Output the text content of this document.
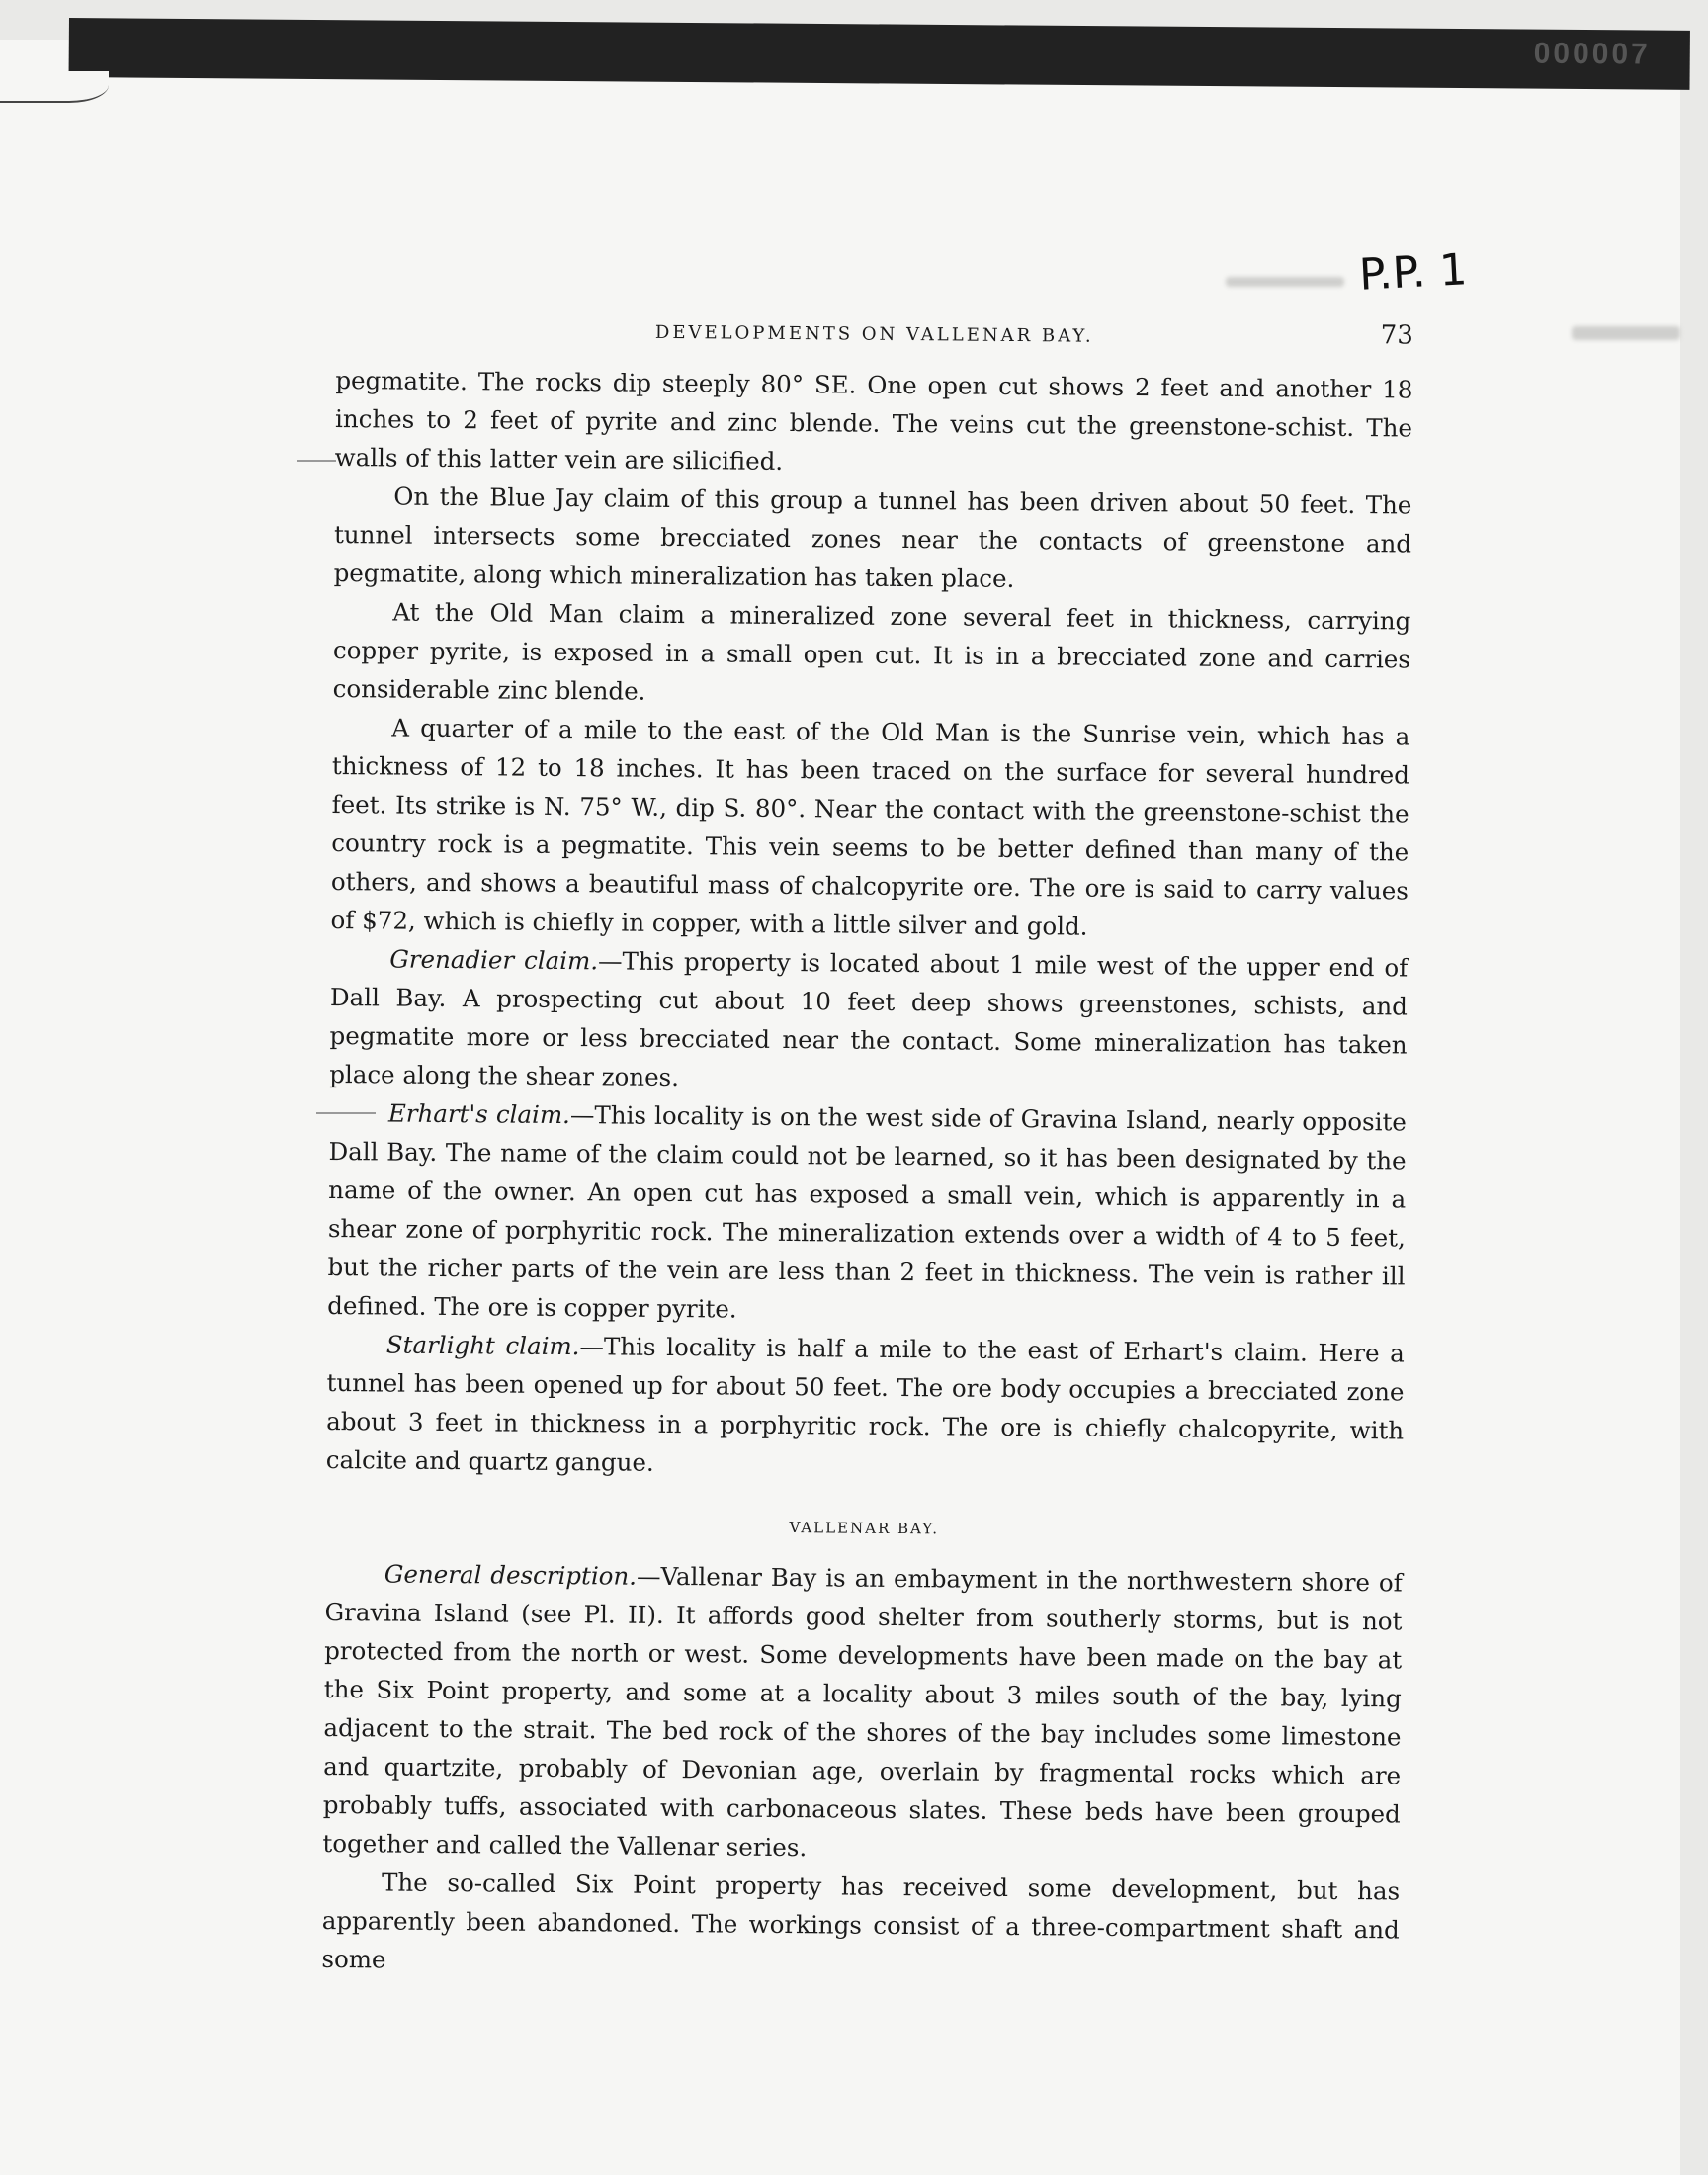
000007
P.P. 1
DEVELOPMENTS ON VALLENAR BAY.	73

pegmatite. The rocks dip steeply 80° SE. One open cut shows 2 feet and another 18 inches to 2 feet of pyrite and zinc blende. The veins cut the greenstone-schist. The walls of this latter vein are silicified.

On the Blue Jay claim of this group a tunnel has been driven about 50 feet. The tunnel intersects some brecciated zones near the contacts of greenstone and pegmatite, along which mineralization has taken place.

At the Old Man claim a mineralized zone several feet in thickness, carrying copper pyrite, is exposed in a small open cut. It is in a brecciated zone and carries considerable zinc blende.

A quarter of a mile to the east of the Old Man is the Sunrise vein, which has a thickness of 12 to 18 inches. It has been traced on the surface for several hundred feet. Its strike is N. 75° W., dip S. 80°. Near the contact with the greenstone-schist the country rock is a pegmatite. This vein seems to be better defined than many of the others, and shows a beautiful mass of chalcopyrite ore. The ore is said to carry values of $72, which is chiefly in copper, with a little silver and gold.

Grenadier claim.—This property is located about 1 mile west of the upper end of Dall Bay. A prospecting cut about 10 feet deep shows greenstones, schists, and pegmatite more or less brecciated near the contact. Some mineralization has taken place along the shear zones.

Erhart's claim.—This locality is on the west side of Gravina Island, nearly opposite Dall Bay. The name of the claim could not be learned, so it has been designated by the name of the owner. An open cut has exposed a small vein, which is apparently in a shear zone of porphyritic rock. The mineralization extends over a width of 4 to 5 feet, but the richer parts of the vein are less than 2 feet in thickness. The vein is rather ill defined. The ore is copper pyrite.

Starlight claim.—This locality is half a mile to the east of Erhart's claim. Here a tunnel has been opened up for about 50 feet. The ore body occupies a brecciated zone about 3 feet in thickness in a porphyritic rock. The ore is chiefly chalcopyrite, with calcite and quartz gangue.

VALLENAR BAY.

General description.—Vallenar Bay is an embayment in the northwestern shore of Gravina Island (see Pl. II). It affords good shelter from southerly storms, but is not protected from the north or west. Some developments have been made on the bay at the Six Point property, and some at a locality about 3 miles south of the bay, lying adjacent to the strait. The bed rock of the shores of the bay includes some limestone and quartzite, probably of Devonian age, overlain by fragmental rocks which are probably tuffs, associated with carbonaceous slates. These beds have been grouped together and called the Vallenar series.

The so-called Six Point property has received some development, but has apparently been abandoned. The workings consist of a three-compartment shaft and some
